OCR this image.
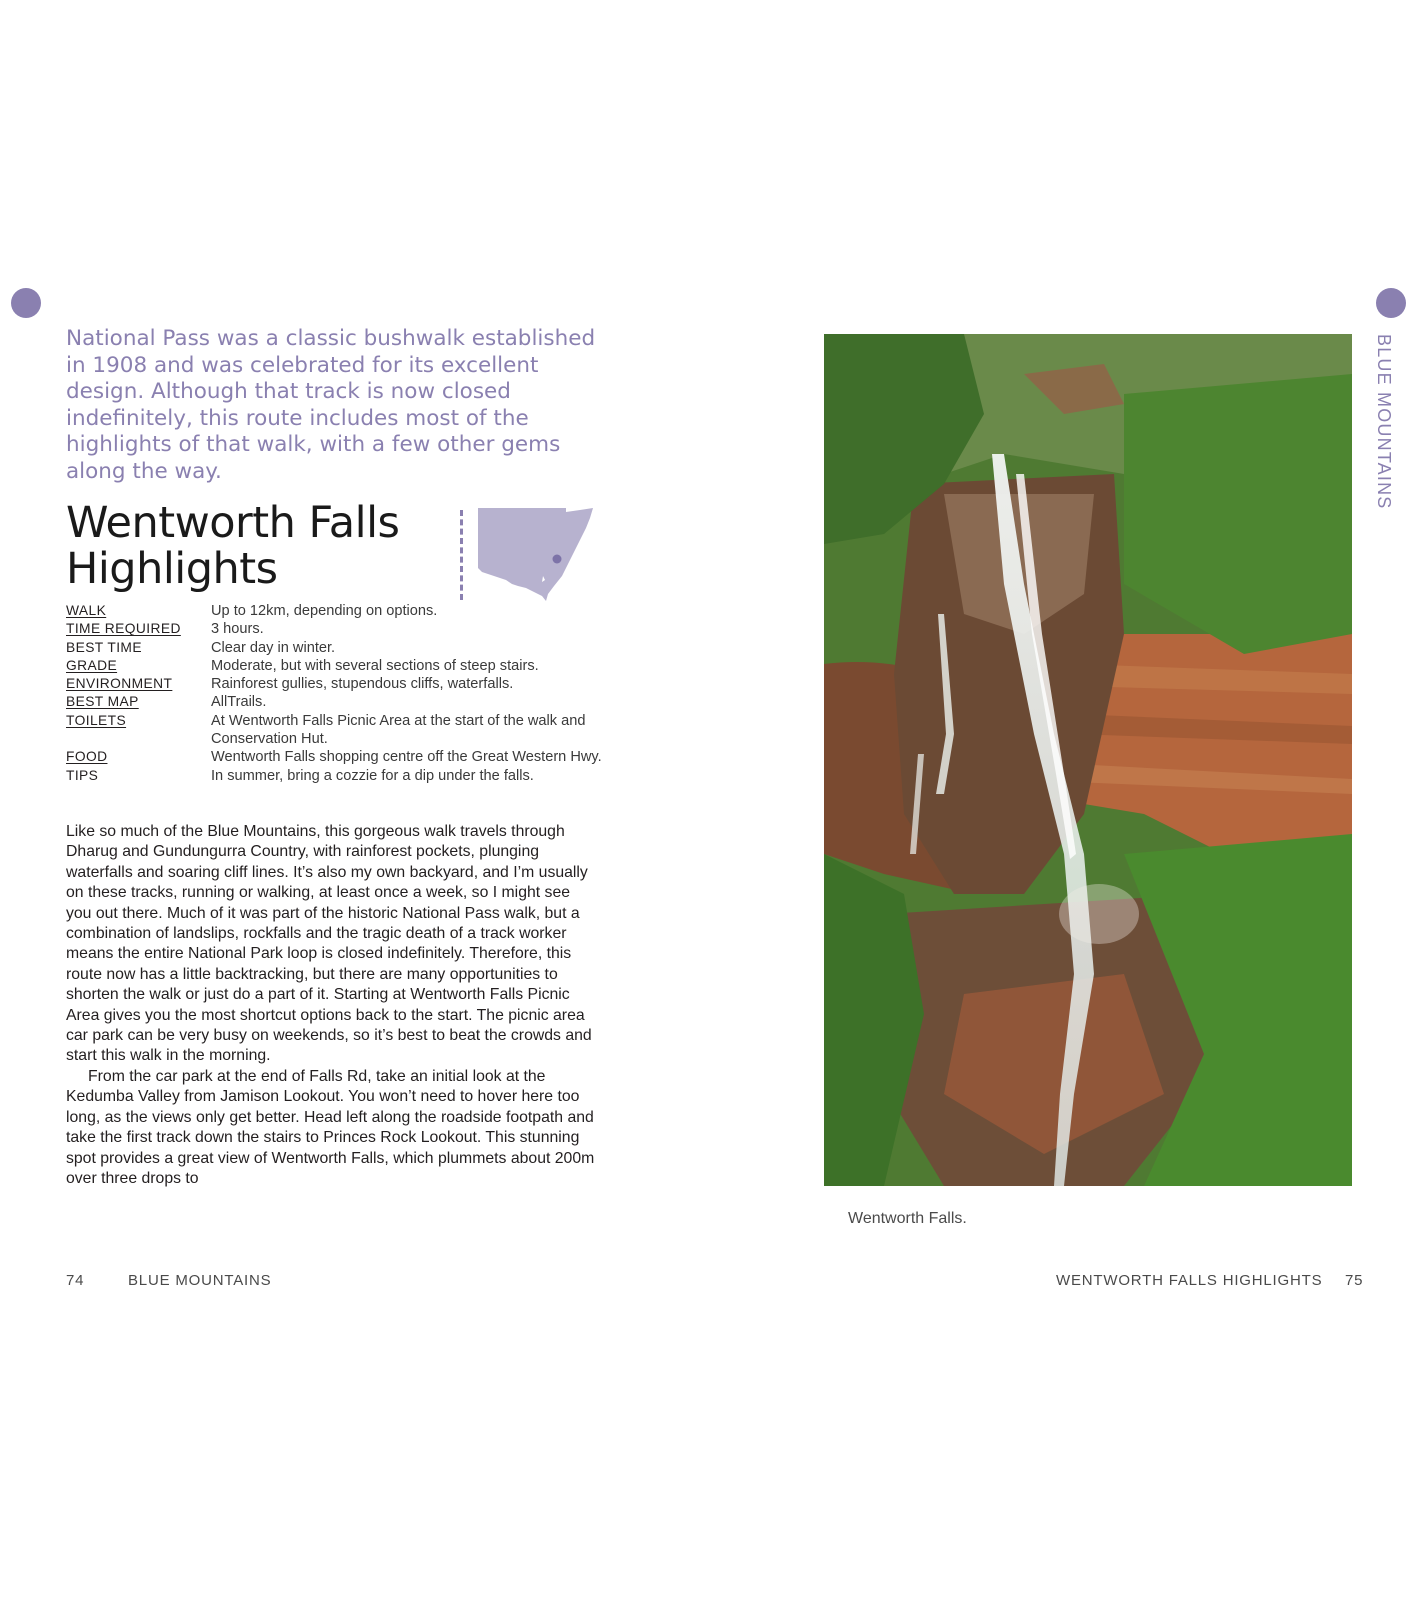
National Pass was a classic bushwalk established in 1908 and was celebrated for its excellent design. Although that track is now closed indefinitely, this route includes most of the highlights of that walk, with a few other gems along the way.
Wentworth Falls
Highlights
WALK	Up to 12km, depending on options.
TIME REQUIRED	3 hours.
BEST TIME	Clear day in winter.
GRADE	Moderate, but with several sections of steep stairs.
ENVIRONMENT	Rainforest gullies, stupendous cliffs, waterfalls.
BEST MAP	AllTrails.
TOILETS	At Wentworth Falls Picnic Area at the start of the walk and Conservation Hut.
FOOD	Wentworth Falls shopping centre off the Great Western Hwy.
TIPS	In summer, bring a cozzie for a dip under the falls.

Like so much of the Blue Mountains, this gorgeous walk travels through Dharug and Gundungurra Country, with rainforest pockets, plunging waterfalls and soaring cliff lines. It’s also my own backyard, and I’m usually on these tracks, running or walking, at least once a week, so I might see you out there. Much of it was part of the historic National Pass walk, but a combination of landslips, rockfalls and the tragic death of a track worker means the entire National Park loop is closed indefinitely. Therefore, this route now has a little backtracking, but there are many opportunities to shorten the walk or just do a part of it. Starting at Wentworth Falls Picnic Area gives you the most shortcut options back to the start. The picnic area car park can be very busy on weekends, so it’s best to beat the crowds and start this walk in the morning.

From the car park at the end of Falls Rd, take an initial look at the Kedumba Valley from Jamison Lookout. You won’t need to hover here too long, as the views only get better. Head left along the roadside footpath and take the first track down the stairs to Princes Rock Lookout. This stunning spot provides a great view of Wentworth Falls, which plummets about 200m over three drops to

Wentworth Falls.
BLUE MOUNTAINS
74	BLUE MOUNTAINS	WENTWORTH FALLS HIGHLIGHTS 75
